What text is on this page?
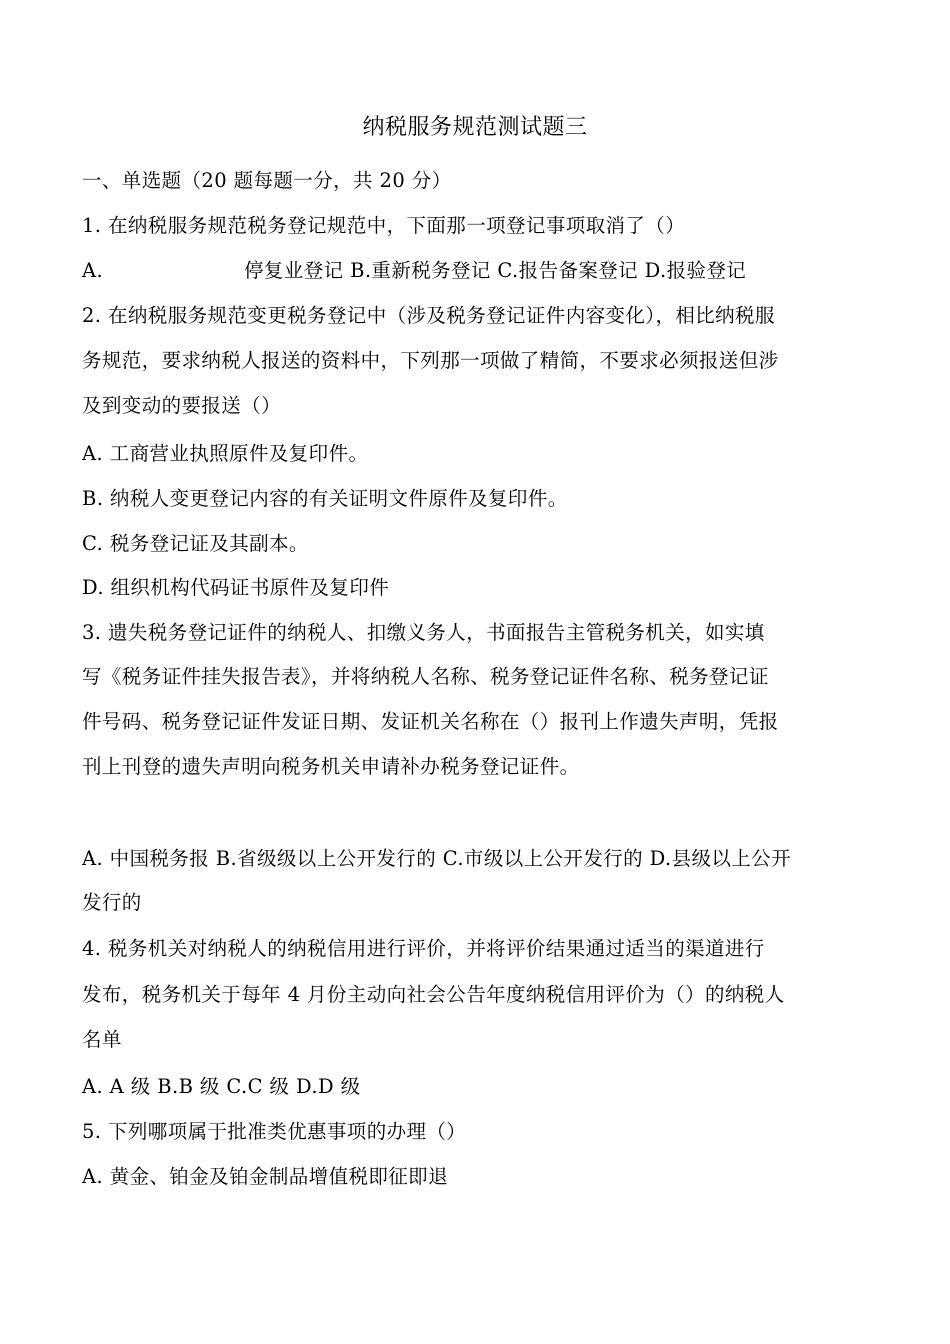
纳税服务规范测试题三
一、单选题（20 题每题一分，共 20 分）
1. 在纳税服务规范税务登记规范中，下面那一项登记事项取消了（）
A.	停复业登记 B.重新税务登记 C.报告备案登记 D.报验登记
2. 在纳税服务规范变更税务登记中（涉及税务登记证件内容变化），相比纳税服
务规范，要求纳税人报送的资料中，下列那一项做了精简，不要求必须报送但涉
及到变动的要报送（）
A. 工商营业执照原件及复印件。
B. 纳税人变更登记内容的有关证明文件原件及复印件。
C. 税务登记证及其副本。
D. 组织机构代码证书原件及复印件
3. 遗失税务登记证件的纳税人、扣缴义务人，书面报告主管税务机关，如实填
写《税务证件挂失报告表》，并将纳税人名称、税务登记证件名称、税务登记证
件号码、税务登记证件发证日期、发证机关名称在（）报刊上作遗失声明，凭报
刊上刊登的遗失声明向税务机关申请补办税务登记证件。
A. 中国税务报 B.省级级以上公开发行的 C.市级以上公开发行的 D.县级以上公开
发行的
4. 税务机关对纳税人的纳税信用进行评价，并将评价结果通过适当的渠道进行
发布，税务机关于每年 4 月份主动向社会公告年度纳税信用评价为（）的纳税人
名单
A. A 级 B.B 级 C.C 级 D.D 级
5. 下列哪项属于批准类优惠事项的办理（）
A. 黄金、铂金及铂金制品增值税即征即退
